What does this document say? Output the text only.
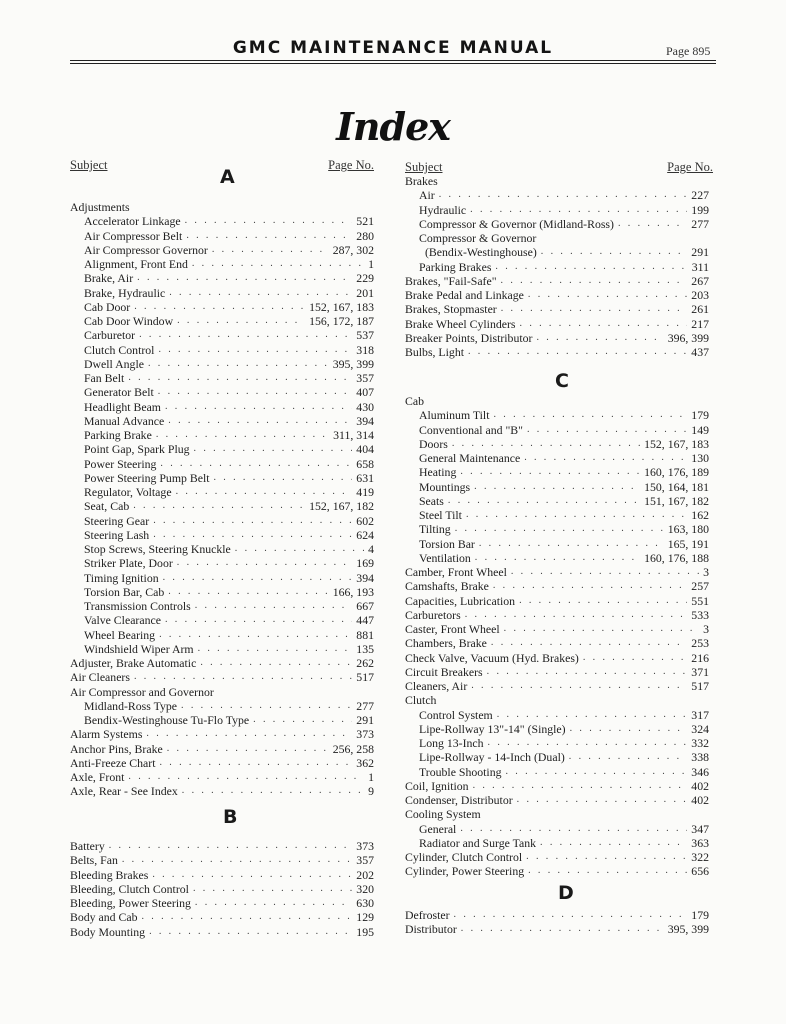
GMC MAINTENANCE MANUAL	Page 895
Index
Subject	Page No.
A
Adjustments
Accelerator Linkage . . .	521
Air Compressor Belt . . .	280
Air Compressor Governor . . .	287, 302
Alignment, Front End . . .	1
Brake, Air . . .	229
Brake, Hydraulic . . .	201
Cab Door . . .	152, 167, 183
Cab Door Window . . .	156, 172, 187
Carburetor . . .	537
Clutch Control . . .	318
Dwell Angle . . .	395, 399
Fan Belt . . .	357
Generator Belt . . .	407
Headlight Beam . . .	430
Manual Advance . . .	394
Parking Brake . . .	311, 314
Point Gap, Spark Plug . . .	404
Power Steering . . .	658
Power Steering Pump Belt . . .	631
Regulator, Voltage . . .	419
Seat, Cab . . .	152, 167, 182
Steering Gear . . .	602
Steering Lash . . .	624
Stop Screws, Steering Knuckle . . .	4
Striker Plate, Door . . .	169
Timing Ignition . . .	394
Torsion Bar, Cab . . .	166, 193
Transmission Controls . . .	667
Valve Clearance . . .	447
Wheel Bearing . . .	881
Windshield Wiper Arm . . .	135
Adjuster, Brake Automatic . . .	262
Air Cleaners . . .	517
Air Compressor and Governor
Midland-Ross Type . . .	277
Bendix-Westinghouse Tu-Flo Type . . .	291
Alarm Systems . . .	373
Anchor Pins, Brake . . .	256, 258
Anti-Freeze Chart . . .	362
Axle, Front . . .	1
Axle, Rear - See Index . . .	9
B
Battery . . .	373
Belts, Fan . . .	357
Bleeding Brakes . . .	202
Bleeding, Clutch Control . . .	320
Bleeding, Power Steering . . .	630
Body and Cab . . .	129
Body Mounting . . .	195
Subject	Page No.
Brakes
Air . . .	227
Hydraulic . . .	199
Compressor & Governor (Midland-Ross) . . .	277
Compressor & Governor
(Bendix-Westinghouse) . . .	291
Parking Brakes . . .	311
Brakes, "Fail-Safe" . . .	267
Brake Pedal and Linkage . . .	203
Brakes, Stopmaster . . .	261
Brake Wheel Cylinders . . .	217
Breaker Points, Distributor . . .	396, 399
Bulbs, Light . . .	437
C
Cab
Aluminum Tilt . . .	179
Conventional and "B" . . .	149
Doors . . .	152, 167, 183
General Maintenance . . .	130
Heating . . .	160, 176, 189
Mountings . . .	150, 164, 181
Seats . . .	151, 167, 182
Steel Tilt . . .	162
Tilting . . .	163, 180
Torsion Bar . . .	165, 191
Ventilation . . .	160, 176, 188
Camber, Front Wheel . . .	3
Camshafts, Brake . . .	257
Capacities, Lubrication . . .	551
Carburetors . . .	533
Caster, Front Wheel . . .	3
Chambers, Brake . . .	253
Check Valve, Vacuum (Hyd. Brakes) . . .	216
Circuit Breakers . . .	371
Cleaners, Air . . .	517
Clutch
Control System . . .	317
Lipe-Rollway 13"-14" (Single) . . .	324
Long 13-Inch . . .	332
Lipe-Rollway - 14-Inch (Dual) . . .	338
Trouble Shooting . . .	346
Coil, Ignition . . .	402
Condenser, Distributor . . .	402
Cooling System
General . . .	347
Radiator and Surge Tank . . .	363
Cylinder, Clutch Control . . .	322
Cylinder, Power Steering . . .	656
D
Defroster . . .	179
Distributor . . .	395, 399
